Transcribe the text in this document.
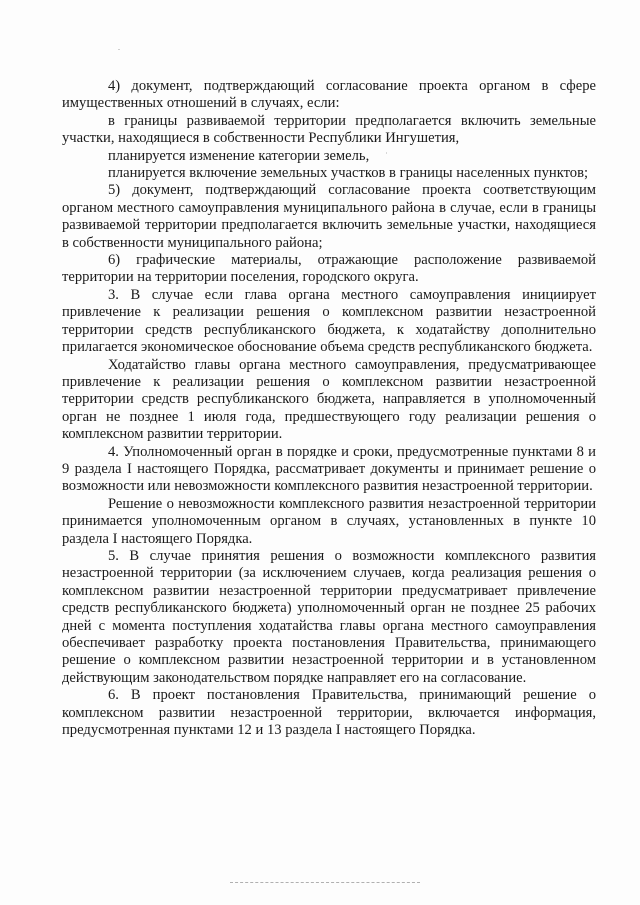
4) документ, подтверждающий согласование проекта органом в сфере имущественных отношений в случаях, если:

в границы развиваемой территории предполагается включить земельные участки, находящиеся в собственности Республики Ингушетия,

планируется изменение категории земель,

планируется включение земельных участков в границы населенных пунктов;

5) документ, подтверждающий согласование проекта соответствующим органом местного самоуправления муниципального района в случае, если в границы развиваемой территории предполагается включить земельные участки, находящиеся в собственности муниципального района;

6) графические материалы, отражающие расположение развиваемой территории на территории поселения, городского округа.

3. В случае если глава органа местного самоуправления инициирует привлечение к реализации решения о комплексном развитии незастроенной территории средств республиканского бюджета, к ходатайству дополнительно прилагается экономическое обоснование объема средств республиканского бюджета.

Ходатайство главы органа местного самоуправления, предусматривающее привлечение к реализации решения о комплексном развитии незастроенной территории средств республиканского бюджета, направляется в уполномоченный орган не позднее 1 июля года, предшествующего году реализации решения о комплексном развитии территории.

4. Уполномоченный орган в порядке и сроки, предусмотренные пунктами 8 и 9 раздела I настоящего Порядка, рассматривает документы и принимает решение о возможности или невозможности комплексного развития незастроенной территории.

Решение о невозможности комплексного развития незастроенной территории принимается уполномоченным органом в случаях, установленных в пункте 10 раздела I настоящего Порядка.

5. В случае принятия решения о возможности комплексного развития незастроенной территории (за исключением случаев, когда реализация решения о комплексном развитии незастроенной территории предусматривает привлечение средств республиканского бюджета) уполномоченный орган не позднее 25 рабочих дней с момента поступления ходатайства главы органа местного самоуправления обеспечивает разработку проекта постановления Правительства, принимающего решение о комплексном развитии незастроенной территории и в установленном действующим законодательством порядке направляет его на согласование.

6. В проект постановления Правительства, принимающий решение о комплексном развитии незастроенной территории, включается информация, предусмотренная пунктами 12 и 13 раздела I настоящего Порядка.
